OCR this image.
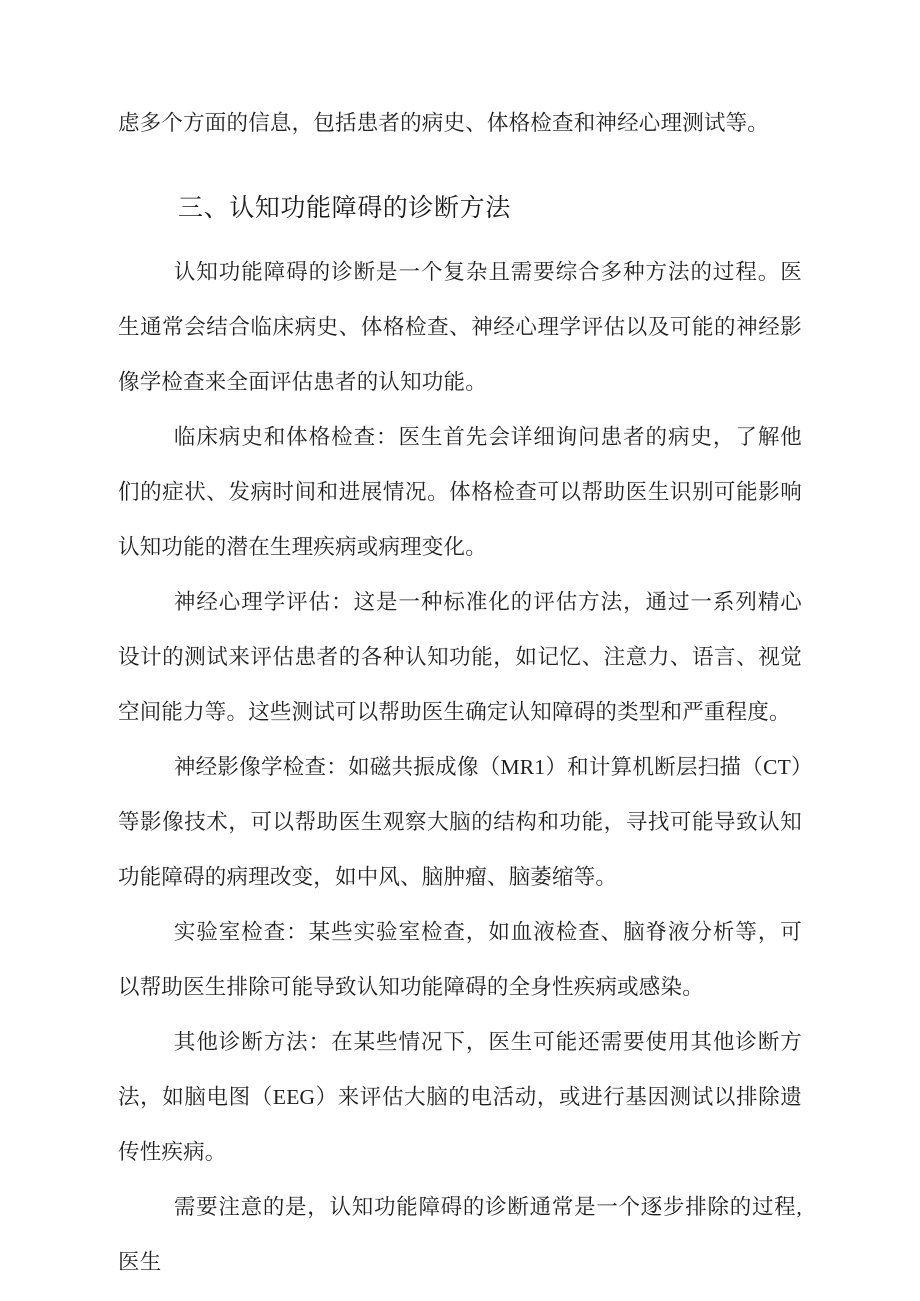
虑多个方面的信息，包括患者的病史、体格检查和神经心理测试等。

三、认知功能障碍的诊断方法

认知功能障碍的诊断是一个复杂且需要综合多种方法的过程。医生通常会结合临床病史、体格检查、神经心理学评估以及可能的神经影像学检查来全面评估患者的认知功能。

临床病史和体格检查：医生首先会详细询问患者的病史，了解他们的症状、发病时间和进展情况。体格检查可以帮助医生识别可能影响认知功能的潜在生理疾病或病理变化。

神经心理学评估：这是一种标准化的评估方法，通过一系列精心设计的测试来评估患者的各种认知功能，如记忆、注意力、语言、视觉空间能力等。这些测试可以帮助医生确定认知障碍的类型和严重程度。

神经影像学检查：如磁共振成像（MR1）和计算机断层扫描（CT）等影像技术，可以帮助医生观察大脑的结构和功能，寻找可能导致认知功能障碍的病理改变，如中风、脑肿瘤、脑萎缩等。

实验室检查：某些实验室检查，如血液检查、脑脊液分析等，可以帮助医生排除可能导致认知功能障碍的全身性疾病或感染。

其他诊断方法：在某些情况下，医生可能还需要使用其他诊断方法，如脑电图（EEG）来评估大脑的电活动，或进行基因测试以排除遗传性疾病。

需要注意的是，认知功能障碍的诊断通常是一个逐步排除的过程,医生
